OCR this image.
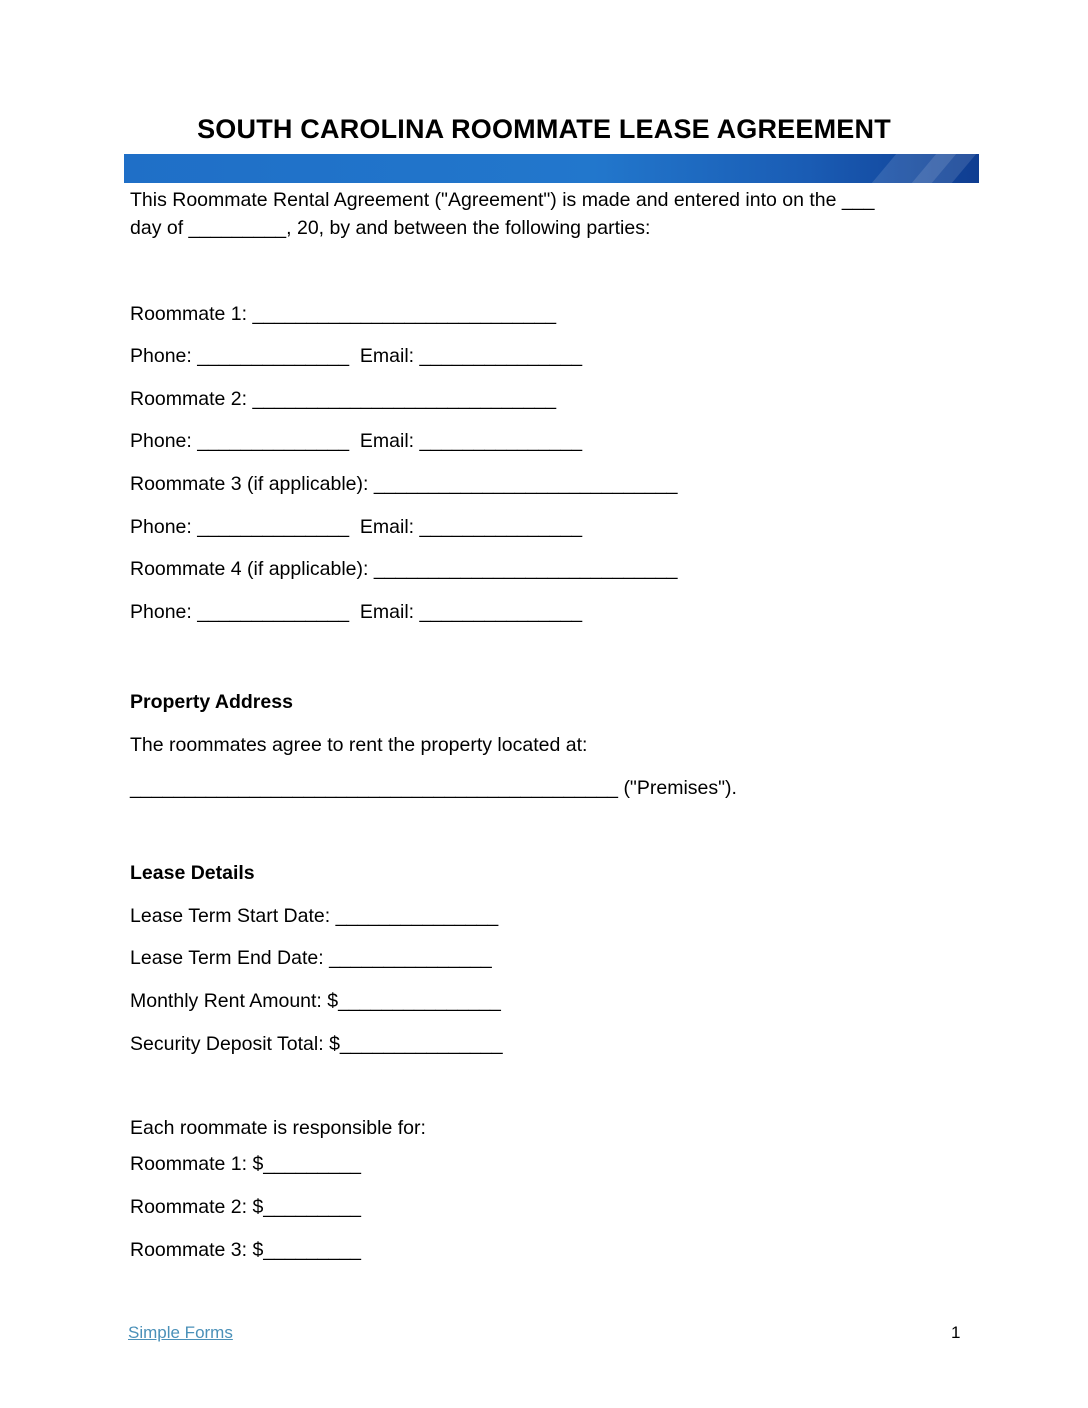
SOUTH CAROLINA ROOMMATE LEASE AGREEMENT
This Roommate Rental Agreement ("Agreement") is made and entered into on the ___
day of _________, 20, by and between the following parties:
Roommate 1: ____________________________
Phone: ______________  Email: _______________
Roommate 2: ____________________________
Phone: ______________  Email: _______________
Roommate 3 (if applicable): ____________________________
Phone: ______________  Email: _______________
Roommate 4 (if applicable): ____________________________
Phone: ______________  Email: _______________
Property Address
The roommates agree to rent the property located at:
_____________________________________________ ("Premises").
Lease Details
Lease Term Start Date: _______________
Lease Term End Date: _______________
Monthly Rent Amount: $_______________
Security Deposit Total: $_______________
Each roommate is responsible for:
Roommate 1: $_________
Roommate 2: $_________
Roommate 3: $_________
Simple Forms	1
